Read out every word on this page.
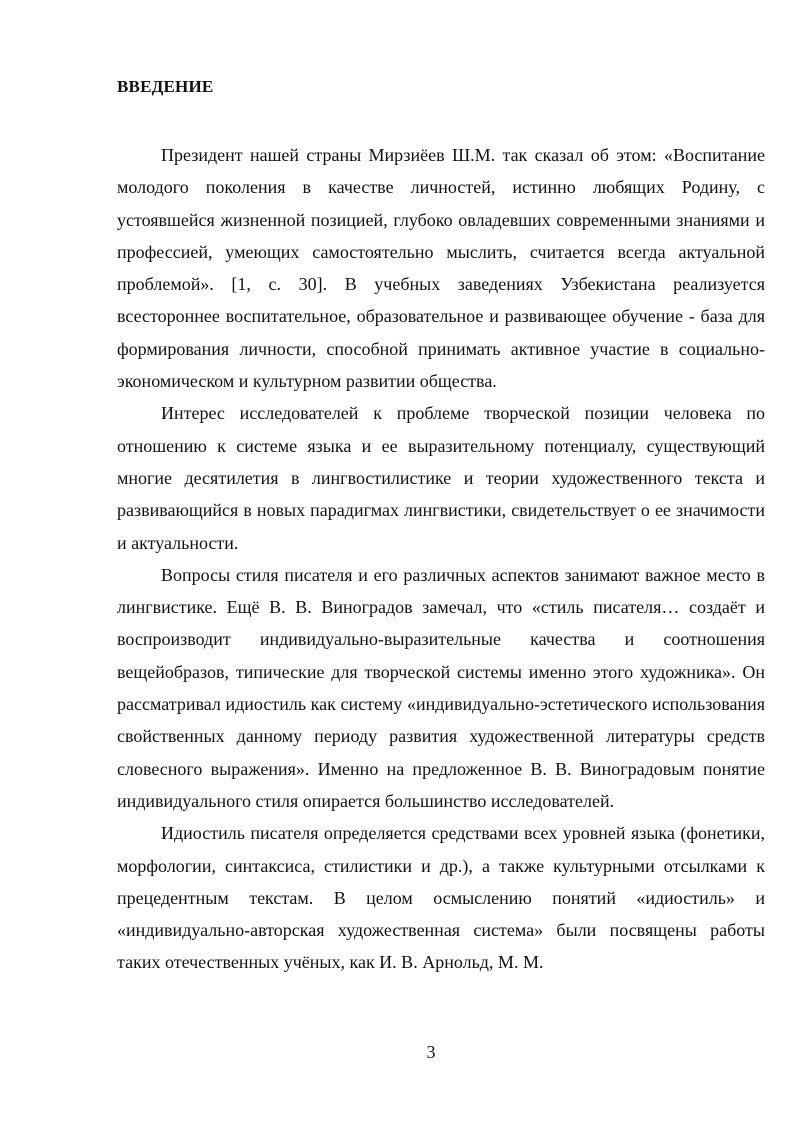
ВВЕДЕНИЕ

Президент нашей страны Мирзиёев Ш.М. так сказал об этом: «Воспитание молодого поколения в качестве личностей, истинно любящих Родину, с устоявшейся жизненной позицией, глубоко овладевших современными знаниями и профессией, умеющих самостоятельно мыслить, считается всегда актуальной проблемой». [1, с. 30]. В учебных заведениях Узбекистана реализуется всестороннее воспитательное, образовательное и развивающее обучение - база для формирования личности, способной принимать активное участие в социально-экономическом и культурном развитии общества.

Интерес исследователей к проблеме творческой позиции человека по отношению к системе языка и ее выразительному потенциалу, существующий многие десятилетия в лингвостилистике и теории художественного текста и развивающийся в новых парадигмах лингвистики, свидетельствует о ее значимости и актуальности.

Вопросы стиля писателя и его различных аспектов занимают важное место в лингвистике. Ещё В. В. Виноградов замечал, что «стиль писателя… создаёт и воспроизводит индивидуально-выразительные качества и соотношения вещейобразов, типические для творческой системы именно этого художника». Он рассматривал идиостиль как систему «индивидуально-эстетического использования свойственных данному периоду развития художественной литературы средств словесного выражения». Именно на предложенное В. В. Виноградовым понятие индивидуального стиля опирается большинство исследователей.

Идиостиль писателя определяется средствами всех уровней языка (фонетики, морфологии, синтаксиса, стилистики и др.), а также культурными отсылками к прецедентным текстам. В целом осмыслению понятий «идиостиль» и «индивидуально-авторская художественная система» были посвящены работы таких отечественных учёных, как И. В. Арнольд, М. М.

3
